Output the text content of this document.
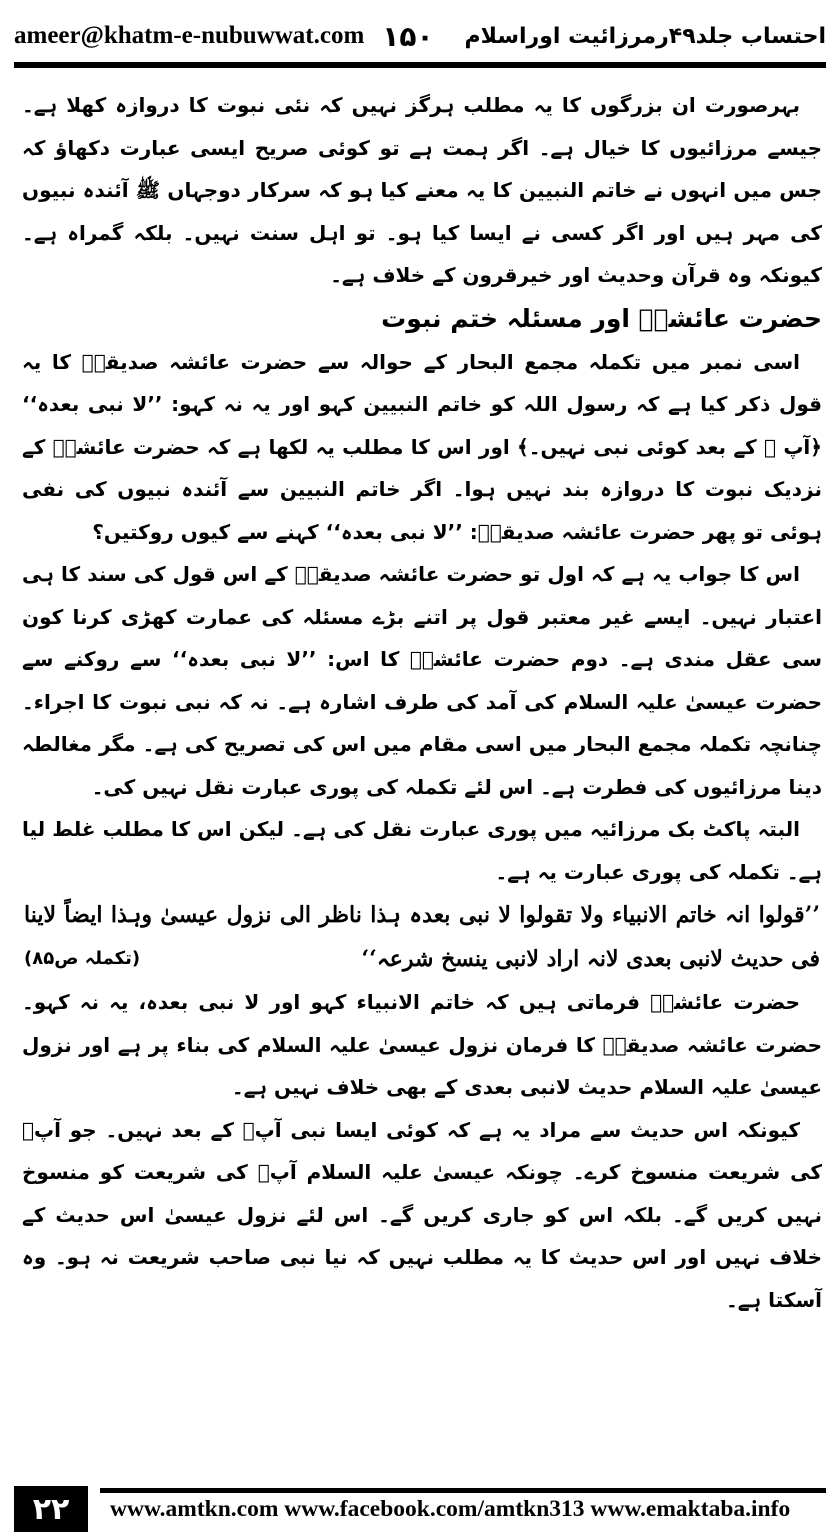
ameer@khatm-e-nubuwwat.com ۱۵۰ احتساب جلد۴۹رمرزائیت اوراسلام

بہرصورت ان بزرگوں کا یہ مطلب ہرگز نہیں کہ نئی نبوت کا دروازہ کھلا ہے۔ جیسے مرزائیوں کا خیال ہے۔ اگر ہمت ہے تو کوئی صریح ایسی عبارت دکھاؤ کہ جس میں انہوں نے خاتم النبیین کا یہ معنے کیا ہو کہ سرکار دوجہاں ﷺ آئندہ نبیوں کی مہر ہیں اور اگر کسی نے ایسا کیا ہو۔ تو اہل سنت نہیں۔ بلکہ گمراہ ہے۔ کیونکہ وہ قرآن وحدیث اور خیرقرون کے خلاف ہے۔

حضرت عائشہؓ اور مسئلہ ختم نبوت

اسی نمبر میں تکملہ مجمع البحار کے حوالہ سے حضرت عائشہ صدیقہؓ کا یہ قول ذکر کیا ہے کہ رسول اللہ کو خاتم النبیین کہو اور یہ نہ کہو: ’’لا نبی بعدہ‘‘ ﴿آپ ؐ کے بعد کوئی نبی نہیں۔﴾ اور اس کا مطلب یہ لکھا ہے کہ حضرت عائشہؓ کے نزدیک نبوت کا دروازہ بند نہیں ہوا۔ اگر خاتم النبیین سے آئندہ نبیوں کی نفی ہوئی تو پھر حضرت عائشہ صدیقہؓ: ’’لا نبی بعدہ‘‘ کہنے سے کیوں روکتیں؟

اس کا جواب یہ ہے کہ اول تو حضرت عائشہ صدیقہؓ کے اس قول کی سند کا ہی اعتبار نہیں۔ ایسے غیر معتبر قول پر اتنے بڑے مسئلہ کی عمارت کھڑی کرنا کون سی عقل مندی ہے۔ دوم حضرت عائشہؓ کا اس: ’’لا نبی بعدہ‘‘ سے روکنے سے حضرت عیسیٰ علیہ السلام کی آمد کی طرف اشارہ ہے۔ نہ کہ نبی نبوت کا اجراء۔ چنانچہ تکملہ مجمع البحار میں اسی مقام میں اس کی تصریح کی ہے۔ مگر مغالطہ دینا مرزائیوں کی فطرت ہے۔ اس لئے تکملہ کی پوری عبارت نقل نہیں کی۔

البتہ پاکٹ بک مرزائیہ میں پوری عبارت نقل کی ہے۔ لیکن اس کا مطلب غلط لیا ہے۔ تکملہ کی پوری عبارت یہ ہے۔

’’قولوا انہ خاتم الانبیاء ولا تقولوا لا نبی بعدہ ہذا ناظر الی نزول عیسیٰ وہذا ایضاً لاینا فی حدیث لانبی بعدی لانہ اراد لانبی ینسخ شرعہ‘‘
(تکملہ ص۸۵)

حضرت عائشہؓ فرماتی ہیں کہ خاتم الانبیاء کہو اور لا نبی بعدہ، یہ نہ کہو۔ حضرت عائشہ صدیقہؓ کا فرمان نزول عیسیٰ علیہ السلام کی بناء پر ہے اور نزول عیسیٰ علیہ السلام حدیث لانبی بعدی کے بھی خلاف نہیں ہے۔

کیونکہ اس حدیث سے مراد یہ ہے کہ کوئی ایسا نبی آپؐ کے بعد نہیں۔ جو آپؐ کی شریعت منسوخ کرے۔ چونکہ عیسیٰ علیہ السلام آپؐ کی شریعت کو منسوخ نہیں کریں گے۔ بلکہ اس کو جاری کریں گے۔ اس لئے نزول عیسیٰ اس حدیث کے خلاف نہیں اور اس حدیث کا یہ مطلب نہیں کہ نیا نبی صاحب شریعت نہ ہو۔ وہ آسکتا ہے۔

۲۲	www.amtkn.com www.facebook.com/amtkn313 www.emaktaba.info
